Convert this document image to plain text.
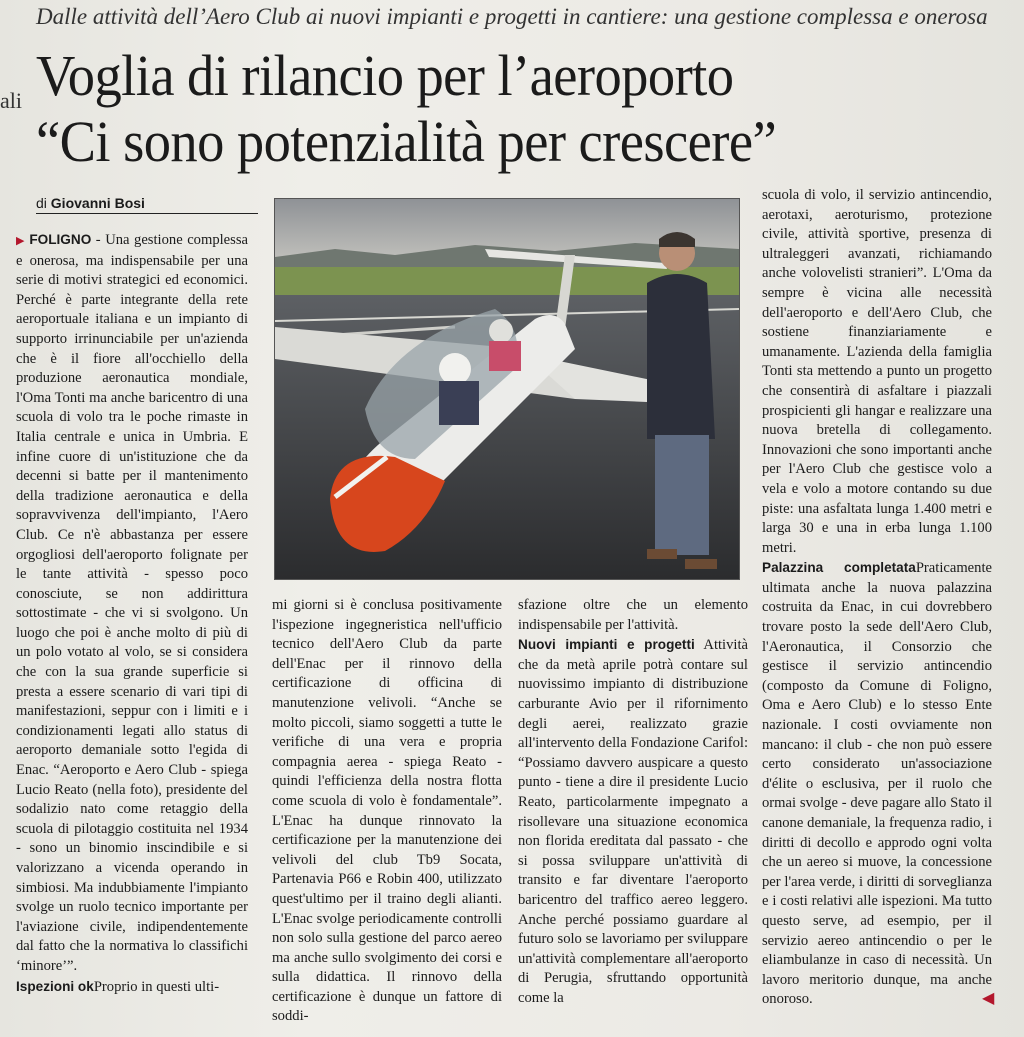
ali
Dalle attività dell’Aero Club ai nuovi impianti e progetti in cantiere: una gestione complessa e onerosa
Voglia di rilancio per l’aeroporto
“Ci sono potenzialità per crescere”
di Giovanni Bosi

▶ FOLIGNO - Una gestione complessa e onerosa, ma indispensabile per una serie di motivi strategici ed economici. Perché è parte integrante della rete aeroportuale italiana e un impianto di supporto irrinunciabile per un'azienda che è il fiore all'occhiello della produzione aeronautica mondiale, l'Oma Tonti ma anche baricentro di una scuola di volo tra le poche rimaste in Italia centrale e unica in Umbria. E infine cuore di un'istituzione che da decenni si batte per il mantenimento della tradizione aeronautica e della sopravvivenza dell'impianto, l'Aero Club. Ce n'è abbastanza per essere orgogliosi dell'aeroporto folignate per le tante attività - spesso poco conosciute, se non addirittura sottostimate - che vi si svolgono. Un luogo che poi è anche molto di più di un polo votato al volo, se si considera che con la sua grande superficie si presta a essere scenario di vari tipi di manifestazioni, seppur con i limiti e i condizionamenti legati allo status di aeroporto demaniale sotto l'egida di Enac. “Aeroporto e Aero Club - spiega Lucio Reato (nella foto), presidente del sodalizio nato come retaggio della scuola di pilotaggio costituita nel 1934 - sono un binomio inscindibile e si valorizzano a vicenda operando in simbiosi. Ma indubbiamente l'impianto svolge un ruolo tecnico importante per l'aviazione civile, indipendentemente dal fatto che la normativa lo classifichi ‘minore’”.

Ispezioni okProprio in questi ulti-

mi giorni si è conclusa positivamente l'ispezione ingegneristica nell'ufficio tecnico dell'Aero Club da parte dell'Enac per il rinnovo della certificazione di officina di manutenzione velivoli. “Anche se molto piccoli, siamo soggetti a tutte le verifiche di una vera e propria compagnia aerea - spiega Reato - quindi l'efficienza della nostra flotta come scuola di volo è fondamentale”. L'Enac ha dunque rinnovato la certificazione per la manutenzione dei velivoli del club Tb9 Socata, Partenavia P66 e Robin 400, utilizzato quest'ultimo per il traino degli alianti. L'Enac svolge periodicamente controlli non solo sulla gestione del parco aereo ma anche sullo svolgimento dei corsi e sulla didattica. Il rinnovo della certificazione è dunque un fattore di soddi-

sfazione oltre che un elemento indispensabile per l'attività.

Nuovi impianti e progetti Attività che da metà aprile potrà contare sul nuovissimo impianto di distribuzione carburante Avio per il rifornimento degli aerei, realizzato grazie all'intervento della Fondazione Carifol: “Possiamo davvero auspicare a questo punto - tiene a dire il presidente Lucio Reato, particolarmente impegnato a risollevare una situazione economica non florida ereditata dal passato - che si possa sviluppare un'attività di transito e far diventare l'aeroporto baricentro del traffico aereo leggero. Anche perché possiamo guardare al futuro solo se lavoriamo per sviluppare un'attività complementare all'aeroporto di Perugia, sfruttando opportunità come la

scuola di volo, il servizio antincendio, aerotaxi, aeroturismo, protezione civile, attività sportive, presenza di ultraleggeri avanzati, richiamando anche volovelisti stranieri”. L'Oma da sempre è vicina alle necessità dell'aeroporto e dell'Aero Club, che sostiene finanziariamente e umanamente. L'azienda della famiglia Tonti sta mettendo a punto un progetto che consentirà di asfaltare i piazzali prospicienti gli hangar e realizzare una nuova bretella di collegamento. Innovazioni che sono importanti anche per l'Aero Club che gestisce volo a vela e volo a motore contando su due piste: una asfaltata lunga 1.400 metri e larga 30 e una in erba lunga 1.100 metri.

Palazzina completataPraticamente ultimata anche la nuova palazzina costruita da Enac, in cui dovrebbero trovare posto la sede dell'Aero Club, l'Aeronautica, il Consorzio che gestisce il servizio antincendio (composto da Comune di Foligno, Oma e Aero Club) e lo stesso Ente nazionale. I costi ovviamente non mancano: il club - che non può essere certo considerato un'associazione d'élite o esclusiva, per il ruolo che ormai svolge - deve pagare allo Stato il canone demaniale, la frequenza radio, i diritti di decollo e approdo ogni volta che un aereo si muove, la concessione per l'area verde, i diritti di sorveglianza e i costi relativi alle ispezioni. Ma tutto questo serve, ad esempio, per il servizio aereo antincendio o per le eliambulanze in caso di necessità. Un lavoro meritorio dunque, ma anche onoroso.	◀
